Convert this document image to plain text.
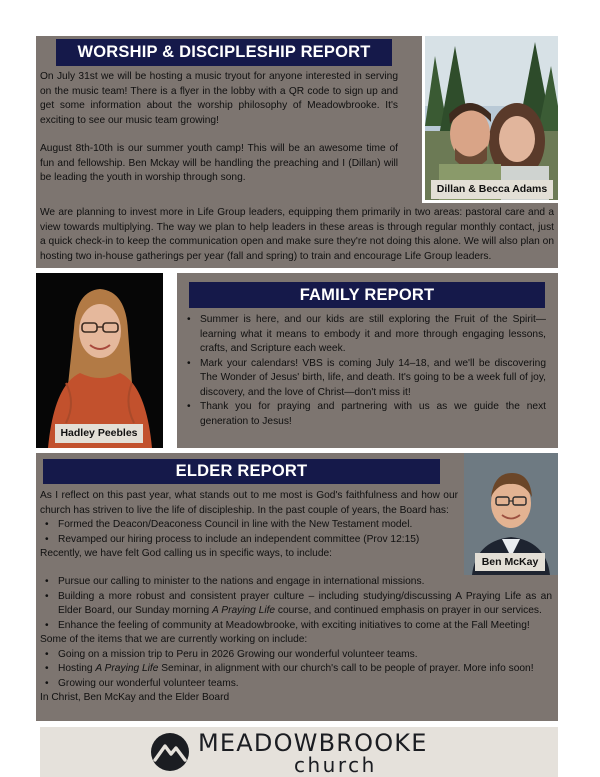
WORSHIP & DISCIPLESHIP REPORT

On July 31st we will be hosting a music tryout for anyone interested in serving on the music team! There is a flyer in the lobby with a QR code to sign up and get some information about the worship philosophy of Meadowbrooke. It's exciting to see our music team growing!

August 8th-10th is our summer youth camp! This will be an awesome time of fun and fellowship. Ben Mckay will be handling the preaching and I (Dillan) will be leading the youth in worship through song.

We are planning to invest more in Life Group leaders, equipping them primarily in two areas: pastoral care and a view towards multiplying. The way we plan to help leaders in these areas is through regular monthly contact, just a quick check-in to keep the communication open and make sure they're not doing this alone. We will also plan on hosting two in-house gatherings per year (fall and spring) to train and encourage Life Group leaders.

Dillan & Becca Adams
Hadley Peebles
FAMILY REPORT
• Summer is here, and our kids are still exploring the Fruit of the Spirit—learning what it means to embody it and more through engaging lessons, crafts, and Scripture each week.
• Mark your calendars! VBS is coming July 14–18, and we'll be discovering The Wonder of Jesus' birth, life, and death. It's going to be a week full of joy, discovery, and the love of Christ—don't miss it!
• Thank you for praying and partnering with us as we guide the next generation to Jesus!
ELDER REPORT
Ben McKay

As I reflect on this past year, what stands out to me most is God's faithfulness and how our church has striven to live the life of discipleship. In the past couple of years, the Board has:

• Formed the Deacon/Deaconess Council in line with the New Testament model.
• Revamped our hiring process to include an independent committee (Prov 12:15)

Recently, we have felt God calling us in specific ways, to include:

• Pursue our calling to minister to the nations and engage in international missions.
• Building a more robust and consistent prayer culture – including studying/discussing A Praying Life as an Elder Board, our Sunday morning A Praying Life course, and continued emphasis on prayer in our services.
• Enhance the feeling of community at Meadowbrooke, with exciting initiatives to come at the Fall Meeting!

Some of the items that we are currently working on include:

• Going on a mission trip to Peru in 2026 Growing our wonderful volunteer teams.
• Hosting A Praying Life Seminar, in alignment with our church's call to be people of prayer. More info soon!
• Growing our wonderful volunteer teams.

In Christ, Ben McKay and the Elder Board

MEADOWBROOKE
church
